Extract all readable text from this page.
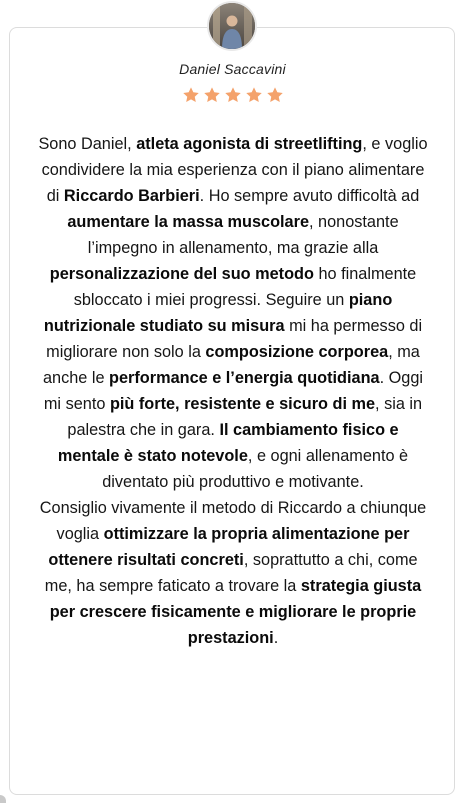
Daniel Saccavini
Sono Daniel, atleta agonista di streetlifting, e voglio condividere la mia esperienza con il piano alimentare di Riccardo Barbieri. Ho sempre avuto difficoltà ad aumentare la massa muscolare, nonostante l’impegno in allenamento, ma grazie alla personalizzazione del suo metodo ho finalmente sbloccato i miei progressi. Seguire un piano nutrizionale studiato su misura mi ha permesso di migliorare non solo la composizione corporea, ma anche le performance e l’energia quotidiana. Oggi mi sento più forte, resistente e sicuro di me, sia in palestra che in gara. Il cambiamento fisico e mentale è stato notevole, e ogni allenamento è diventato più produttivo e motivante.
Consiglio vivamente il metodo di Riccardo a chiunque voglia ottimizzare la propria alimentazione per ottenere risultati concreti, soprattutto a chi, come me, ha sempre faticato a trovare la strategia giusta per crescere fisicamente e migliorare le proprie prestazioni.
